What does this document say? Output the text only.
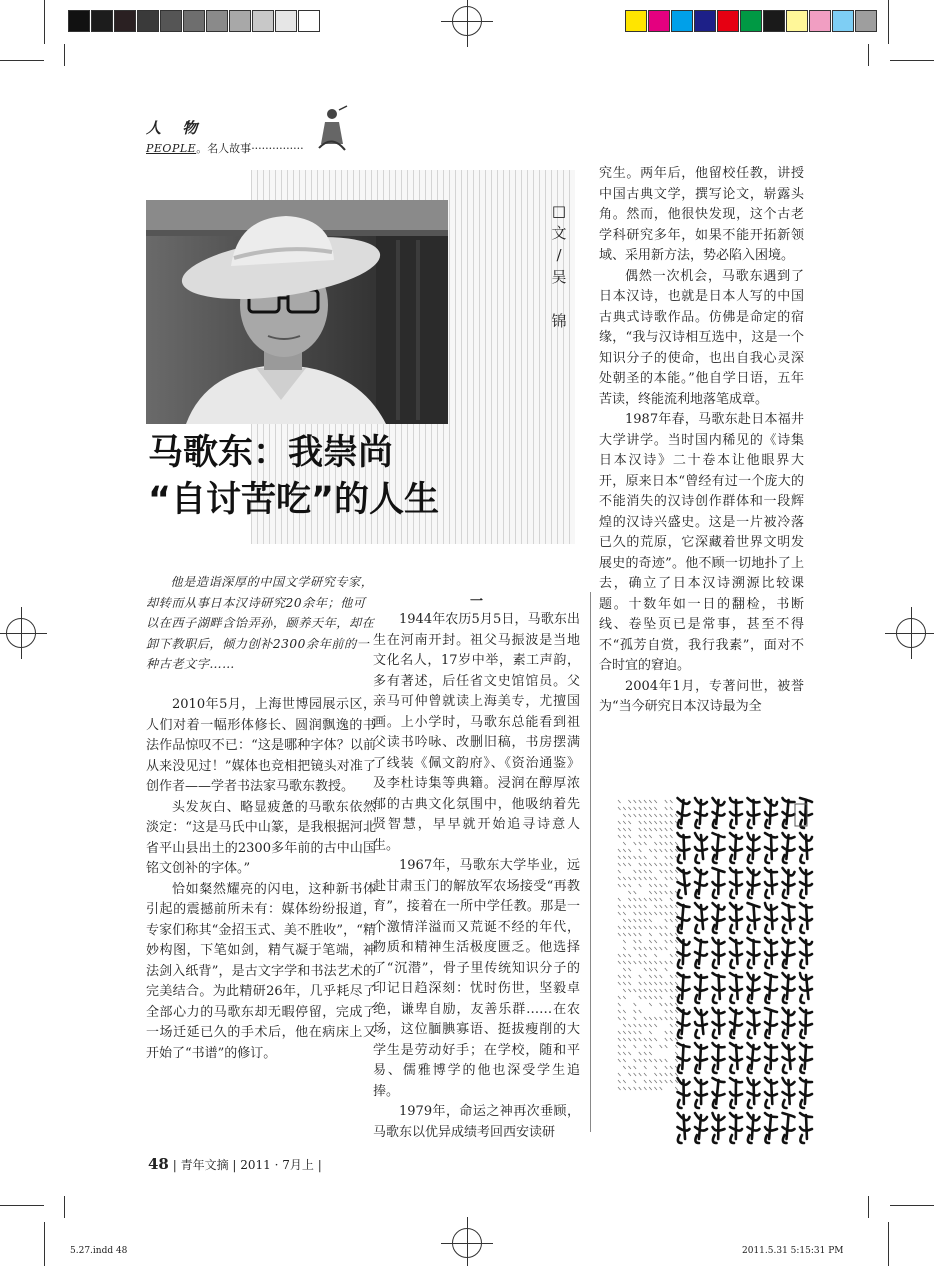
人 物
PEOPLE。名人故事···············
□
文
/
吴
锦
马歌东：我崇尚
“自讨苦吃”的人生
他是造诣深厚的中国文学研究专家，却转而从事日本汉诗研究20余年；他可以在西子湖畔含饴弄孙，颐养天年，却在卸下教职后，倾力创补2300余年前的一种古老文字……

2010年5月，上海世博园展示区，人们对着一幅形体修长、圆润飘逸的书法作品惊叹不已：“这是哪种字体？以前从来没见过！”媒体也竞相把镜头对准了创作者——学者书法家马歌东教授。

头发灰白、略显疲惫的马歌东依然淡定：“这是马氏中山篆，是我根据河北省平山县出土的2300多年前的古中山国铭文创补的字体。”

恰如粲然耀亮的闪电，这种新书体引起的震撼前所未有：媒体纷纷报道，专家们称其“金招玉式、美不胜收”，“精妙构图，下笔如剑，精气凝于笔端，神法剑入纸背”，是古文字学和书法艺术的完美结合。为此精研26年，几乎耗尽了全部心力的马歌东却无暇停留，完成了一场迁延已久的手术后，他在病床上又开始了“书谱”的修订。

一

1944年农历5月5日，马歌东出生在河南开封。祖父马振波是当地文化名人，17岁中举，素工声韵，多有著述，后任省文史馆馆员。父亲马可仲曾就读上海美专，尤擅国画。上小学时，马歌东总能看到祖父读书吟咏、改删旧稿，书房摆满了线装《佩文韵府》、《资治通鉴》及李杜诗集等典籍。浸润在醇厚浓郁的古典文化氛围中，他吸纳着先贤智慧，早早就开始追寻诗意人生。

1967年，马歌东大学毕业，远赴甘肃玉门的解放军农场接受“再教育”，接着在一所中学任教。那是一个激情洋溢而又荒诞不经的年代，物质和精神生活极度匮乏。他选择了“沉潜”，骨子里传统知识分子的印记日趋深刻：忧时伤世，坚毅卓绝，谦卑自励，友善乐群……在农场，这位腼腆寡语、挺拔瘦削的大学生是劳动好手；在学校，随和平易、儒雅博学的他也深受学生追捧。

1979年，命运之神再次垂顾，马歌东以优异成绩考回西安读研

究生。两年后，他留校任教，讲授中国古典文学，撰写论文，崭露头角。然而，他很快发现，这个古老学科研究多年，如果不能开拓新领域、采用新方法，势必陷入困境。

偶然一次机会，马歌东遇到了日本汉诗，也就是日本人写的中国古典式诗歌作品。仿佛是命定的宿缘，“我与汉诗相互选中，这是一个知识分子的使命，也出自我心灵深处朝圣的本能。”他自学日语，五年苦读，终能流利地落笔成章。

1987年春，马歌东赴日本福井大学讲学。当时国内稀见的《诗集日本汉诗》二十卷本让他眼界大开，原来日本“曾经有过一个庞大的不能消失的汉诗创作群体和一段辉煌的汉诗兴盛史。这是一片被冷落已久的荒原，它深藏着世界文明发展史的奇迹”。他不顾一切地扑了上去，确立了日本汉诗溯源比较课题。十数年如一日的翻检，书断线、卷坠页已是常事，甚至不得不“孤芳自赏，我行我素”，面对不合时宜的窘迫。

2004年1月，专著问世，被誉为“当今研究日本汉诗最为全

48 | 青年文摘 | 2011 · 7月上 |
5.27.indd 48	2011.5.31 5:15:31 PM
